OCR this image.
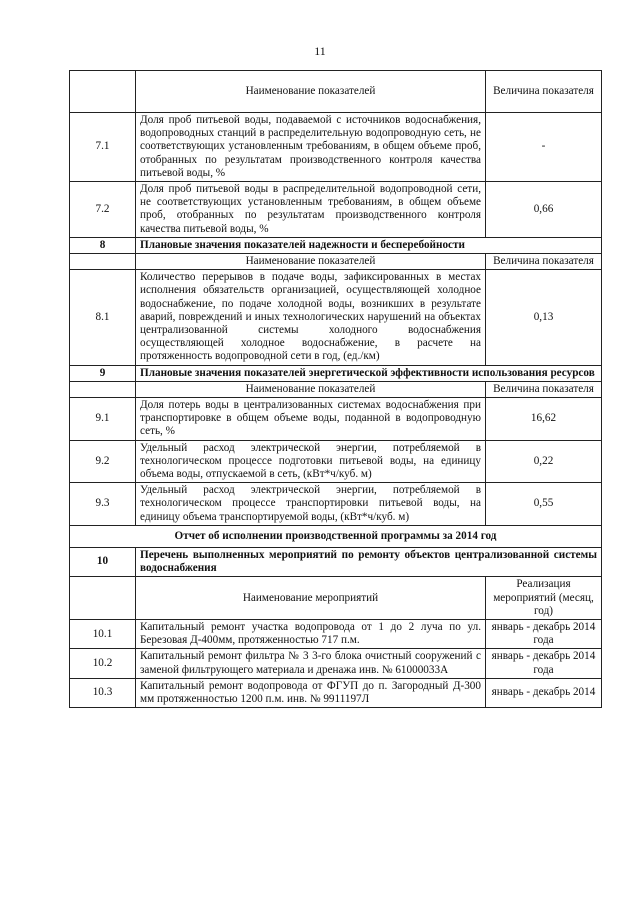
11
	Наименование показателей	Величина показателя
7.1	Доля проб питьевой воды, подаваемой с источников водоснабжения, водопроводных станций в распределительную водопроводную сеть, не соответствующих установленным требованиям, в общем объеме проб, отобранных по результатам производственного контроля качества питьевой воды, %	-
7.2	Доля проб питьевой воды в распределительной водопроводной сети, не соответствующих установленным требованиям, в общем объеме проб, отобранных по результатам производственного контроля качества питьевой воды, %	0,66
8	Плановые значения показателей надежности и бесперебойности	
	Наименование показателей	Величина показателя
8.1	Количество перерывов в подаче воды, зафиксированных в местах исполнения обязательств организацией, осуществляющей холодное водоснабжение, по подаче холодной воды, возникших в результате аварий, повреждений и иных технологических нарушений на объектах централизованной системы холодного водоснабжения осуществляющей холодное водоснабжение, в расчете на протяженность водопроводной сети в год, (ед./км)	0,13
9	Плановые значения показателей энергетической эффективности использования ресурсов	
	Наименование показателей	Величина показателя
9.1	Доля потерь воды в централизованных системах водоснабжения при транспортировке в общем объеме воды, поданной в водопроводную сеть, %	16,62
9.2	Удельный расход электрической энергии, потребляемой в технологическом процессе подготовки питьевой воды, на единицу объема воды, отпускаемой в сеть, (кВт*ч/куб. м)	0,22
9.3	Удельный расход электрической энергии, потребляемой в технологическом процессе транспортировки питьевой воды, на единицу объема транспортируемой воды, (кВт*ч/куб. м)	0,55
Отчет об исполнении производственной программы за 2014 год		
10	Перечень выполненных мероприятий по ремонту объектов централизованной системы водоснабжения	
	Наименование мероприятий	Реализация мероприятий (месяц, год)
10.1	Капитальный ремонт участка водопровода от 1 до 2 луча по ул. Березовая Д-400мм, протяженностью 717 п.м.	январь - декабрь 2014 года
10.2	Капитальный ремонт фильтра № 3 3-го блока очистный сооружений с заменой фильтрующего материала и дренажа инв. № 61000033А	январь - декабрь 2014 года
10.3	Капитальный ремонт водопровода от ФГУП до п. Загородный Д-300 мм протяженностью 1200 п.м. инв. № 9911197Л	январь - декабрь 2014
